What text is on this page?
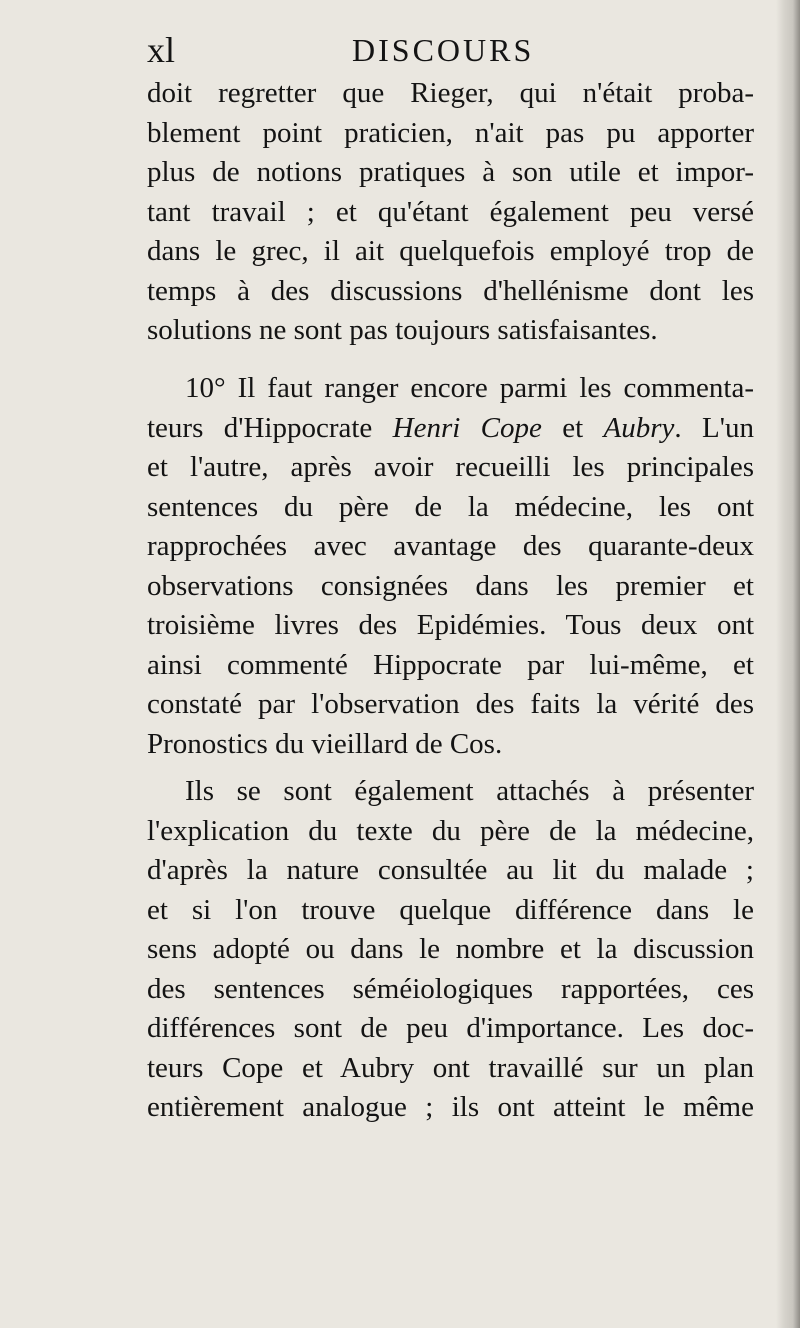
xl	DISCOURS
doit regretter que Rieger, qui n'était proba-
blement point praticien, n'ait pas pu apporter
plus de notions pratiques à son utile et impor-
tant travail ; et qu'étant également peu versé
dans le grec, il ait quelquefois employé trop de
temps à des discussions d'hellénisme dont les
solutions ne sont pas toujours satisfaisantes.
10° Il faut ranger encore parmi les commenta-
teurs d'Hippocrate Henri Cope et Aubry. L'un
et l'autre, après avoir recueilli les principales
sentences du père de la médecine, les ont
rapprochées avec avantage des quarante-deux
observations consignées dans les premier et
troisième livres des Epidémies. Tous deux ont
ainsi commenté Hippocrate par lui-même, et
constaté par l'observation des faits la vérité des
Pronostics du vieillard de Cos.
Ils se sont également attachés à présenter
l'explication du texte du père de la médecine,
d'après la nature consultée au lit du malade ;
et si l'on trouve quelque différence dans le
sens adopté ou dans le nombre et la discussion
des sentences séméiologiques rapportées, ces
différences sont de peu d'importance. Les doc-
teurs Cope et Aubry ont travaillé sur un plan
entièrement analogue ; ils ont atteint le même
